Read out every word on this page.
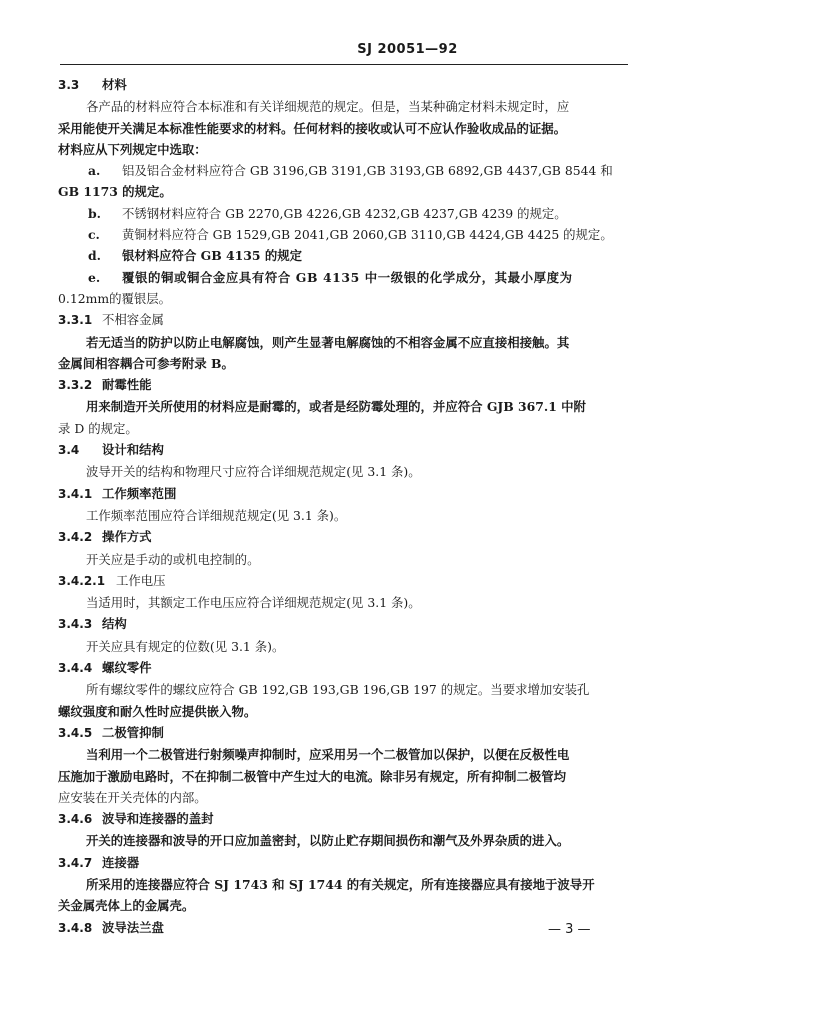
SJ 20051—92
3.3 材料
各产品的材料应符合本标准和有关详细规范的规定。但是，当某种确定材料未规定时，应
采用能使开关满足本标准性能要求的材料。任何材料的接收或认可不应认作验收成品的证据。
材料应从下列规定中选取：
a. 铝及铝合金材料应符合 GB 3196,GB 3191,GB 3193,GB 6892,GB 4437,GB 8544 和
GB 1173 的规定。
b. 不锈钢材料应符合 GB 2270,GB 4226,GB 4232,GB 4237,GB 4239 的规定。
c. 黄铜材料应符合 GB 1529,GB 2041,GB 2060,GB 3110,GB 4424,GB 4425 的规定。
d. 银材料应符合 GB 4135 的规定
e. 覆银的铜或铜合金应具有符合 GB 4135 中一级银的化学成分，其最小厚度为
0.12mm的覆银层。
3.3.1 不相容金属
若无适当的防护以防止电解腐蚀，则产生显著电解腐蚀的不相容金属不应直接相接触。其
金属间相容耦合可参考附录 B。
3.3.2 耐霉性能
用来制造开关所使用的材料应是耐霉的，或者是经防霉处理的，并应符合 GJB 367.1 中附
录 D 的规定。
3.4 设计和结构
波导开关的结构和物理尺寸应符合详细规范规定(见 3.1 条)。
3.4.1 工作频率范围
工作频率范围应符合详细规范规定(见 3.1 条)。
3.4.2 操作方式
开关应是手动的或机电控制的。
3.4.2.1 工作电压
当适用时，其额定工作电压应符合详细规范规定(见 3.1 条)。
3.4.3 结构
开关应具有规定的位数(见 3.1 条)。
3.4.4 螺纹零件
所有螺纹零件的螺纹应符合 GB 192,GB 193,GB 196,GB 197 的规定。当要求增加安装孔
螺纹强度和耐久性时应提供嵌入物。
3.4.5 二极管抑制
当利用一个二极管进行射频噪声抑制时，应采用另一个二极管加以保护，以便在反极性电
压施加于激励电路时，不在抑制二极管中产生过大的电流。除非另有规定，所有抑制二极管均
应安装在开关壳体的内部。
3.4.6 波导和连接器的盖封
开关的连接器和波导的开口应加盖密封，以防止贮存期间损伤和潮气及外界杂质的进入。
3.4.7 连接器
所采用的连接器应符合 SJ 1743 和 SJ 1744 的有关规定，所有连接器应具有接地于波导开
关金属壳体上的金属壳。
3.4.8 波导法兰盘	— 3 —
